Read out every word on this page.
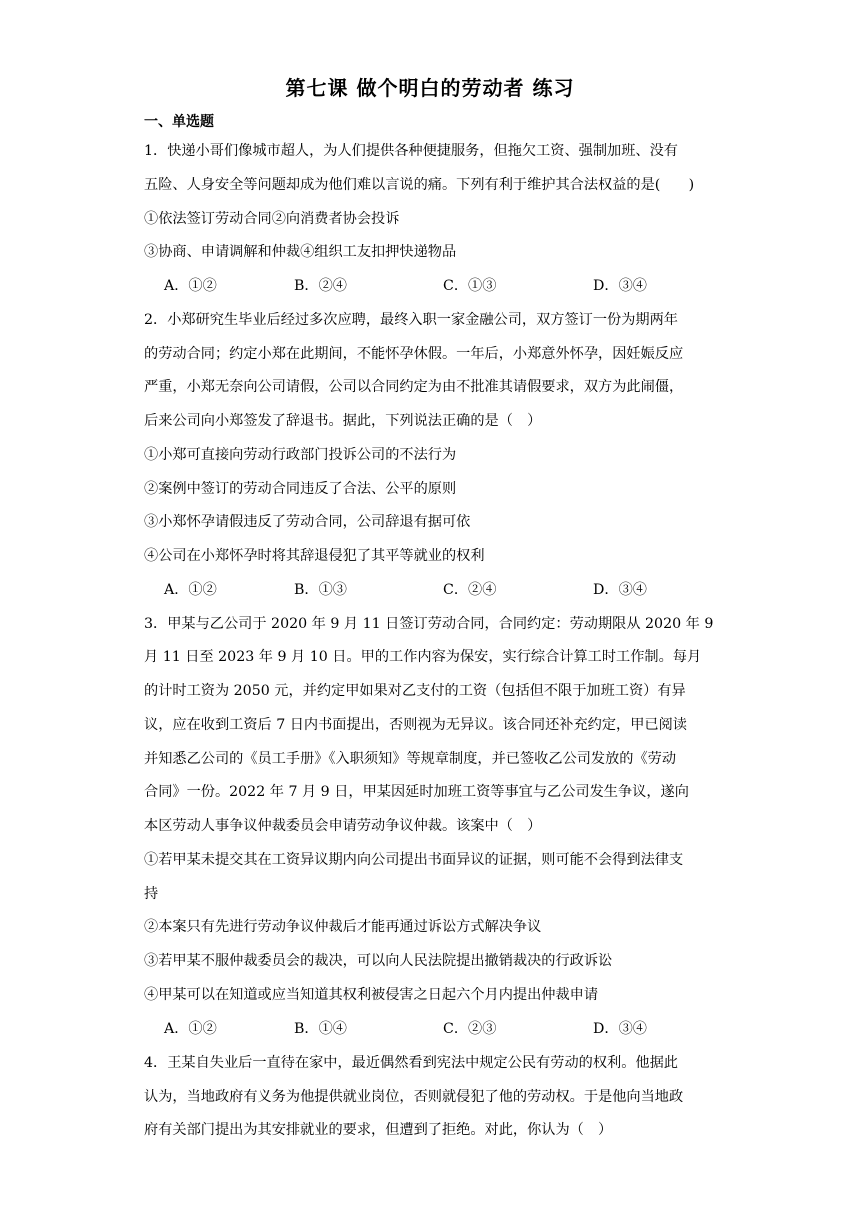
第七课 做个明白的劳动者 练习
一、单选题
1．快递小哥们像城市超人，为人们提供各种便捷服务，但拖欠工资、强制加班、没有
五险、人身安全等问题却成为他们难以言说的痛。下列有利于维护其合法权益的是(　　)
①依法签订劳动合同②向消费者协会投诉
③协商、申请调解和仲裁④组织工友扣押快递物品
A．①②	B．②④	C．①③	D．③④
2．小郑研究生毕业后经过多次应聘，最终入职一家金融公司，双方签订一份为期两年
的劳动合同；约定小郑在此期间，不能怀孕休假。一年后，小郑意外怀孕，因妊娠反应
严重，小郑无奈向公司请假，公司以合同约定为由不批准其请假要求，双方为此闹僵，
后来公司向小郑签发了辞退书。据此，下列说法正确的是（　）
①小郑可直接向劳动行政部门投诉公司的不法行为
②案例中签订的劳动合同违反了合法、公平的原则
③小郑怀孕请假违反了劳动合同，公司辞退有据可依
④公司在小郑怀孕时将其辞退侵犯了其平等就业的权利
A．①②	B．①③	C．②④	D．③④
3．甲某与乙公司于 2020 年 9 月 11 日签订劳动合同，合同约定：劳动期限从 2020 年 9
月 11 日至 2023 年 9 月 10 日。甲的工作内容为保安，实行综合计算工时工作制。每月
的计时工资为 2050 元，并约定甲如果对乙支付的工资（包括但不限于加班工资）有异
议，应在收到工资后 7 日内书面提出，否则视为无异议。该合同还补充约定，甲已阅读
并知悉乙公司的《员工手册》《入职须知》等规章制度，并已签收乙公司发放的《劳动
合同》一份。2022 年 7 月 9 日，甲某因延时加班工资等事宜与乙公司发生争议，遂向
本区劳动人事争议仲裁委员会申请劳动争议仲裁。该案中（　）
①若甲某未提交其在工资异议期内向公司提出书面异议的证据，则可能不会得到法律支
持
②本案只有先进行劳动争议仲裁后才能再通过诉讼方式解决争议
③若甲某不服仲裁委员会的裁决，可以向人民法院提出撤销裁决的行政诉讼
④甲某可以在知道或应当知道其权利被侵害之日起六个月内提出仲裁申请
A．①②	B．①④	C．②③	D．③④
4．王某自失业后一直待在家中，最近偶然看到宪法中规定公民有劳动的权利。他据此
认为，当地政府有义务为他提供就业岗位，否则就侵犯了他的劳动权。于是他向当地政
府有关部门提出为其安排就业的要求，但遭到了拒绝。对此，你认为（　）
